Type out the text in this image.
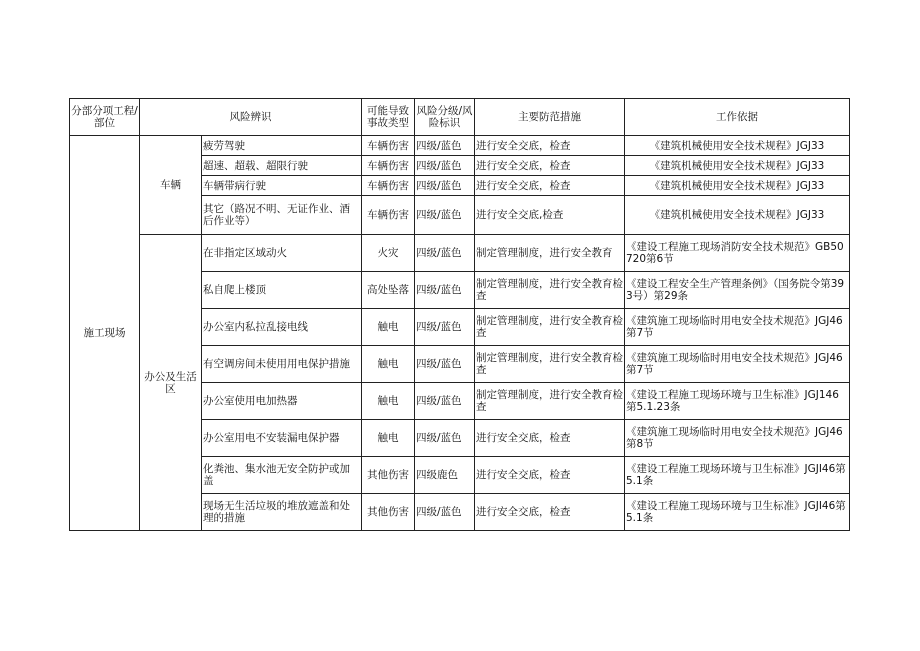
分部分项工程/部位	风险辨识		可能导致事故类型	风险分级/风险标识	主要防范措施	工作依据
施工现场	车辆	疲劳驾驶	车辆伤害	四级/蓝色	进行安全交底，检查	《建筑机械使用安全技术规程》JGJ33
		超速、超载、超限行驶	车辆伤害	四级/蓝色	进行安全交底，检查	《建筑机械使用安全技术规程》JGJ33
		车辆带病行驶	车辆伤害	四级/蓝色	进行安全交底，检查	《建筑机械使用安全技术规程》JGJ33
		其它（路况不明、无证作业、酒后作业等）	车辆伤害	四级/蓝色	进行安全交底,检查	《建筑机械使用安全技术规程》JGJ33
	办公及生活区	在非指定区域动火	火灾	四级/蓝色	制定管理制度，进行安全教育	《建设工程施工现场消防安全技术规范》GB50720第6节
		私自爬上楼顶	高处坠落	四级/蓝色	制定管理制度，进行安全教育检查	《建设工程安全生产管理条例》（国务院令第393号）第29条
		办公室内私拉乱接电线	触电	四级/蓝色	制定管理制度，进行安全教育检查	《建筑施工现场临时用电安全技术规范》JGJ46第7节
		有空调房间未使用用电保护措施	触电	四级/蓝色	制定管理制度，进行安全教育检查	《建筑施工现场临时用电安全技术规范》JGJ46第7节
		办公室使用电加热器	触电	四级/蓝色	制定管理制度，进行安全教育检查	《建设工程施工现场环境与卫生标准》JGJ146第5.1.23条
		办公室用电不安装漏电保护器	触电	四级/蓝色	进行安全交底，检查	《建筑施工现场临时用电安全技术规范》JGJ46第8节
		化粪池、集水池无安全防护或加盖	其他伤害	四级鹿色	进行安全交底，检查	《建设工程施工现场环境与卫生标准》JGJI46第5.1条
		现场无生活垃圾的堆放遮盖和处理的措施	其他伤害	四级/蓝色	进行安全交底，检查	《建设工程施工现场环境与卫生标准》JGJI46第5.1条
